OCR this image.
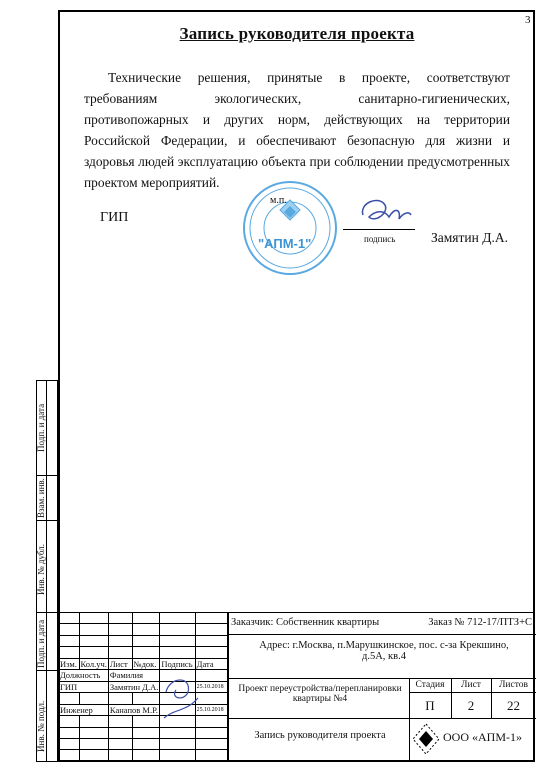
3
Запись руководителя проекта
Технические решения, принятые в проекте, соответствуют требованиям экологических, санитарно-гигиенических, противопожарных и других норм, действующих на территории Российской Федерации, и обеспечивают безопасную для жизни и здоровья людей эксплуатацию объекта при соблюдении предусмотренных проектом мероприятий.
ГИП
м.п.
"АПМ-1"	подпись	Замятин Д.А.
Подп. и дата
Взам. инв.
Инв. № дубл.
Подп. и дата
Инв. № подл.

Изм.	Кол.уч.	Лист	№док.	Подпись	Дата
Должность		Фамилия			
ГИП		Замятин Д.А.			25.10.2018

Инженер		Канапов М.Р.			25.10.2018

Заказчик: Собственник квартиры	Заказ № 712-17/ПТЗ+С
Адрес: г.Москва, п.Марушкинское, пос. с-за Крекшино, д.5А, кв.4
Проект переустройства/перепланировки квартиры №4
Запись руководителя проекта
Стадия	Лист	Листов
П	2	22
ООО «АПМ-1»
